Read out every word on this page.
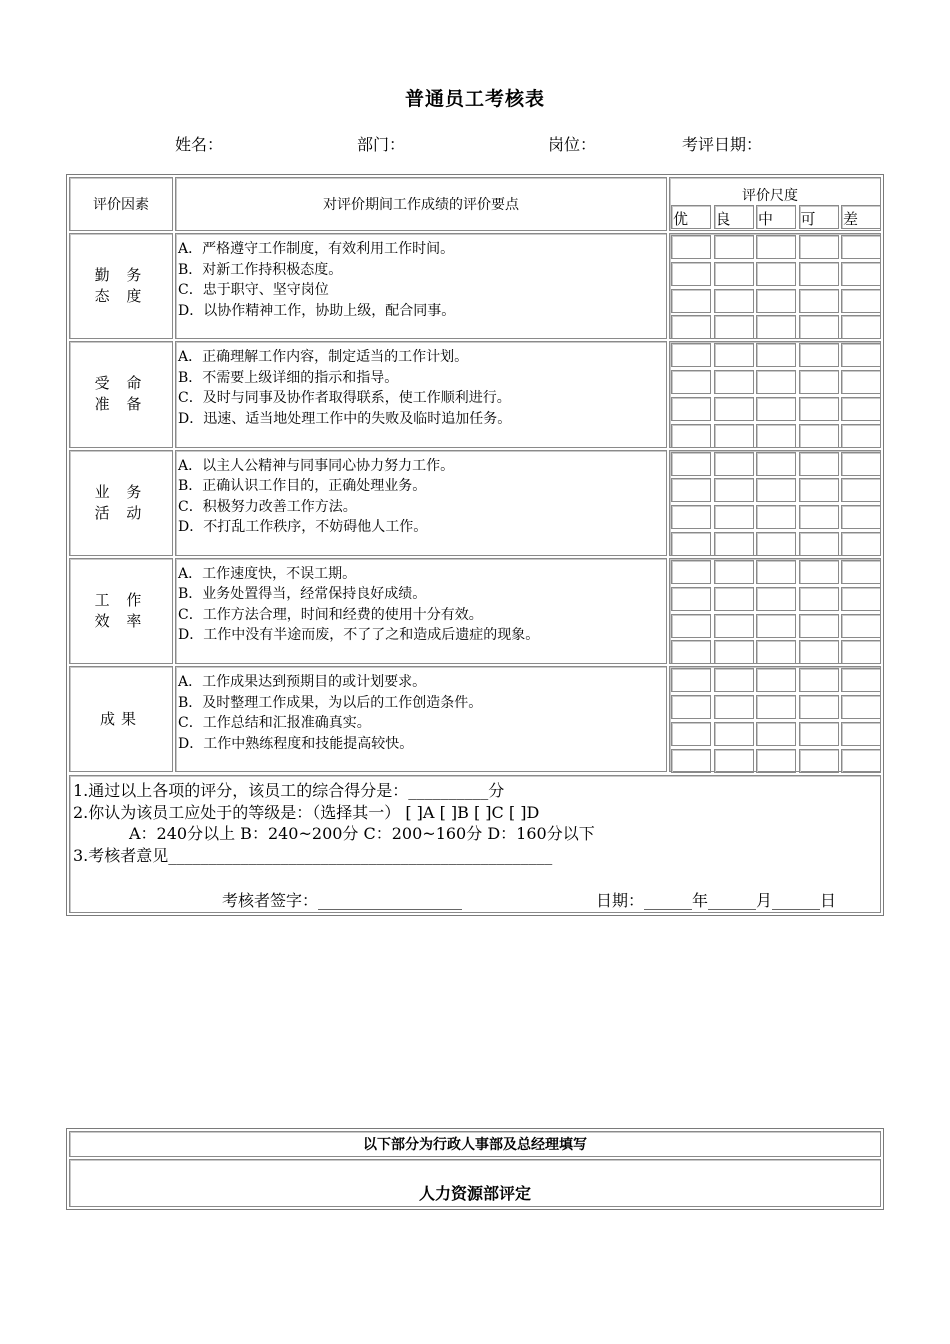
普通员工考核表
姓名：	部门：	岗位：	考评日期：
评价因素	对评价期间工作成绩的评价要点
评价尺度
优 良 中 可 差
勤 务
态 度
A．严格遵守工作制度，有效利用工作时间。
B．对新工作持积极态度。
C．忠于职守、坚守岗位
D．以协作精神工作，协助上级，配合同事。
受 命
准 备
A．正确理解工作内容，制定适当的工作计划。
B．不需要上级详细的指示和指导。
C．及时与同事及协作者取得联系，使工作顺利进行。
D．迅速、适当地处理工作中的失败及临时追加任务。
业 务
活 动
A．以主人公精神与同事同心协力努力工作。
B．正确认识工作目的，正确处理业务。
C．积极努力改善工作方法。
D．不打乱工作秩序，不妨碍他人工作。
工 作
效 率
A．工作速度快，不误工期。
B．业务处置得当，经常保持良好成绩。
C．工作方法合理，时间和经费的使用十分有效。
D．工作中没有半途而废，不了了之和造成后遗症的现象。
成果
A．工作成果达到预期目的或计划要求。
B．及时整理工作成果，为以后的工作创造条件。
C．工作总结和汇报准确真实。
D．工作中熟练程度和技能提高较快。
1.通过以上各项的评分，该员工的综合得分是：__________分
2.你认为该员工应处于的等级是：（选择其一） [ ]A [ ]B [ ]C [ ]D
A：240分以上 B：240~200分 C：200~160分 D：160分以下
3.考核者意见________________________________________________
考核者签字：__________________	日期：______年______月______日
以下部分为行政人事部及总经理填写
人力资源部评定
